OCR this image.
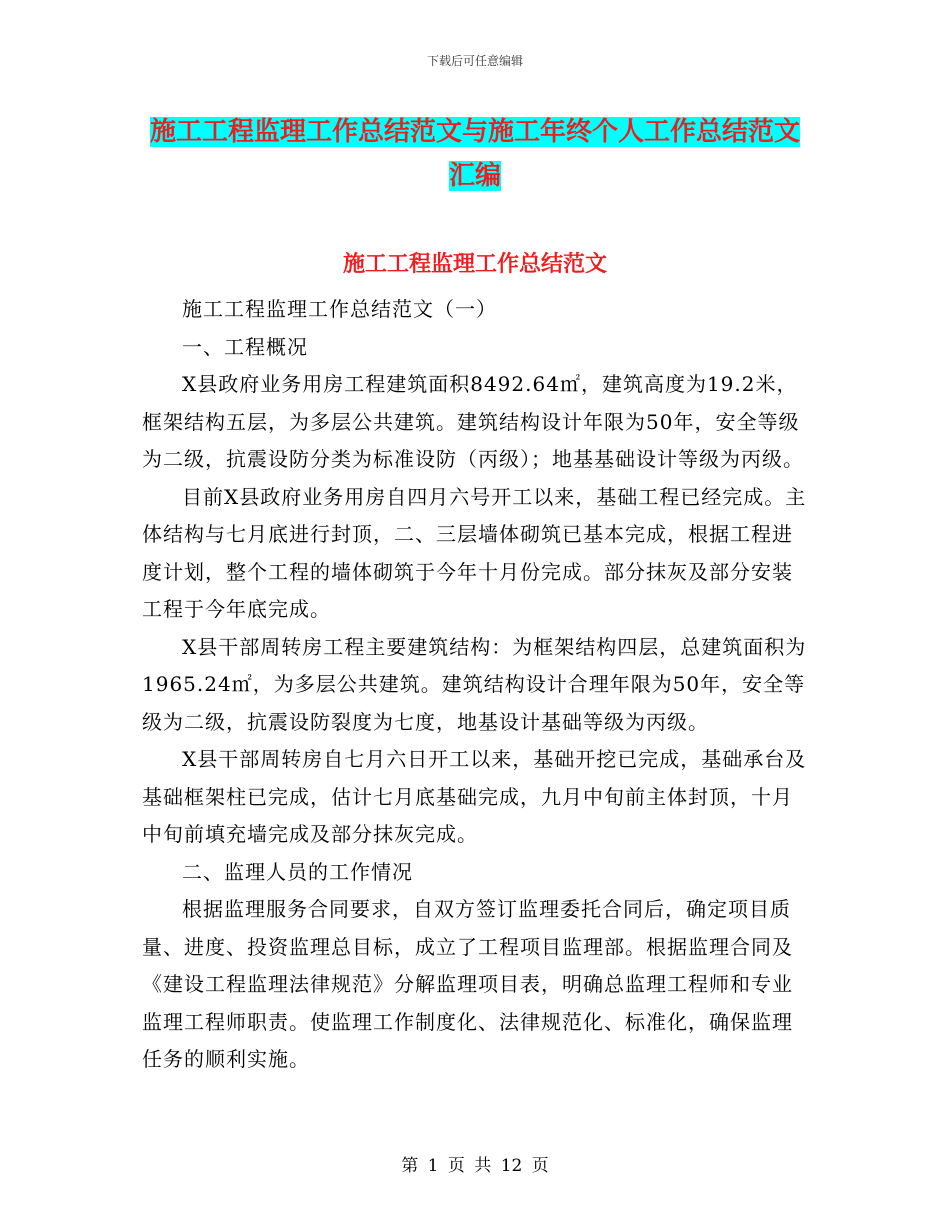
下载后可任意编辑
施工工程监理工作总结范文与施工年终个人工作总结范文汇编
施工工程监理工作总结范文

施工工程监理工作总结范文（一）

一、工程概况

X县政府业务用房工程建筑面积8492.64㎡，建筑高度为19.2米，框架结构五层，为多层公共建筑。建筑结构设计年限为50年，安全等级为二级，抗震设防分类为标准设防（丙级）；地基基础设计等级为丙级。

目前X县政府业务用房自四月六号开工以来，基础工程已经完成。主体结构与七月底进行封顶，二、三层墙体砌筑已基本完成，根据工程进度计划，整个工程的墙体砌筑于今年十月份完成。部分抹灰及部分安装工程于今年底完成。

X县干部周转房工程主要建筑结构：为框架结构四层，总建筑面积为1965.24㎡，为多层公共建筑。建筑结构设计合理年限为50年，安全等级为二级，抗震设防裂度为七度，地基设计基础等级为丙级。

X县干部周转房自七月六日开工以来，基础开挖已完成，基础承台及基础框架柱已完成，估计七月底基础完成，九月中旬前主体封顶，十月中旬前填充墙完成及部分抹灰完成。

二、监理人员的工作情况

根据监理服务合同要求，自双方签订监理委托合同后，确定项目质量、进度、投资监理总目标，成立了工程项目监理部。根据监理合同及《建设工程监理法律规范》分解监理项目表，明确总监理工程师和专业监理工程师职责。使监理工作制度化、法律规范化、标准化，确保监理任务的顺利实施。

第 1 页 共 12 页
